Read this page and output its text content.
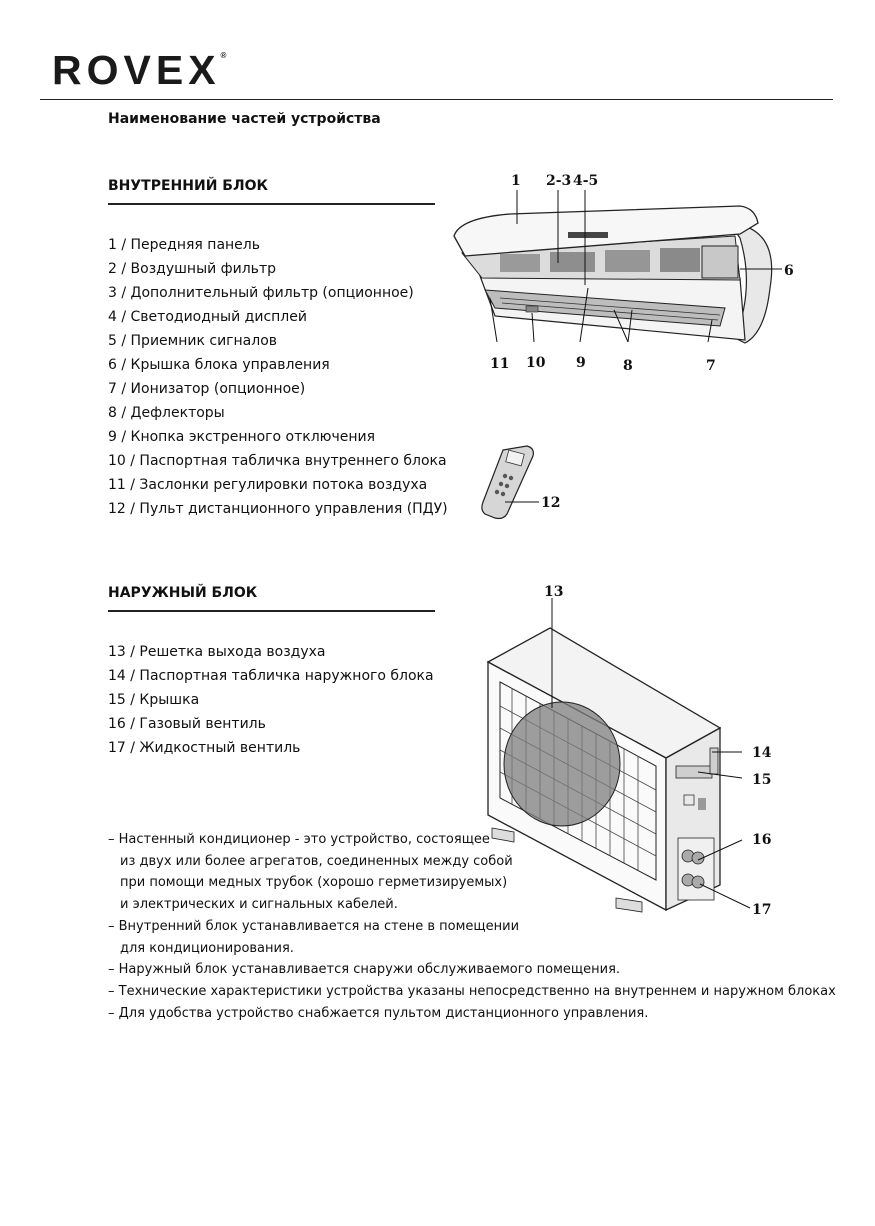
ROVEX®
Наименование частей устройства
ВНУТРЕННИЙ БЛОК
1 / Передняя панель
2 / Воздушный фильтр
3 / Дополнительный фильтр (опционное)
4 / Светодиодный дисплей
5 / Приемник сигналов
6 / Крышка блока управления
7 / Ионизатор (опционное)
8 / Дефлекторы
9 / Кнопка экстренного отключения
10 / Паспортная табличка внутреннего блока
11 / Заслонки регулировки потока воздуха
12 / Пульт дистанционного управления (ПДУ)
1 2-3 4-5
6
7
8
9
10
11
12
НАРУЖНЫЙ БЛОК
13 / Решетка выхода воздуха
14 / Паспортная табличка наружного блока
15 / Крышка
16 / Газовый вентиль
17 / Жидкостный вентиль
13
14
15
16
17
– Настенный кондиционер - это устройство, состоящее
из двух или более агрегатов, соединенных между собой
при помощи медных трубок (хорошо герметизируемых)
и электрических и сигнальных кабелей.
– Внутренний блок устанавливается на стене в помещении
для кондиционирования.
– Наружный блок устанавливается снаружи обслуживаемого помещения.
– Технические характеристики устройства указаны непосредственно на внутреннем и наружном блоках
– Для удобства устройство снабжается пультом дистанционного управления.
